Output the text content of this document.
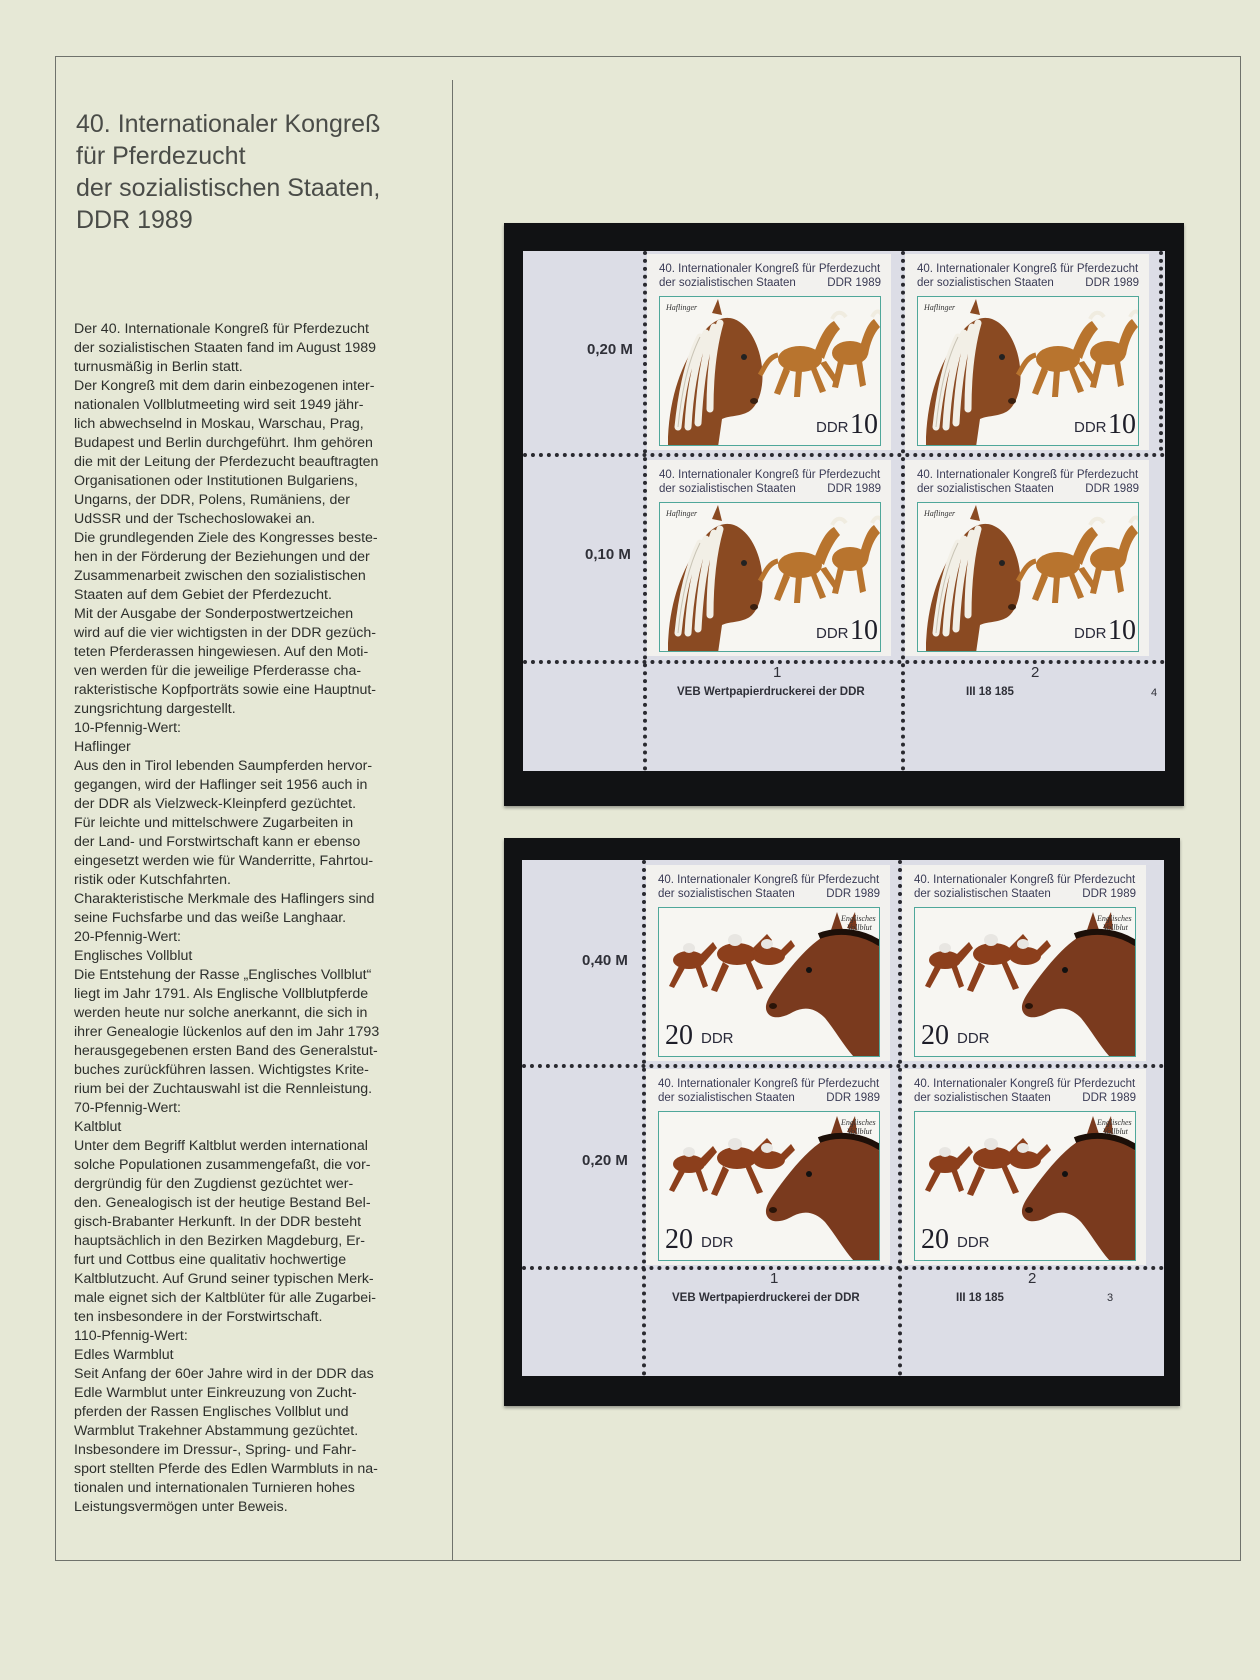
40. Internationaler Kongreß
für Pferdezucht
der sozialistischen Staaten,
DDR 1989
Der 40. Internationale Kongreß für Pferdezucht
der sozialistischen Staaten fand im August 1989
turnusmäßig in Berlin statt.
Der Kongreß mit dem darin einbezogenen inter-
nationalen Vollblutmeeting wird seit 1949 jähr-
lich abwechselnd in Moskau, Warschau, Prag,
Budapest und Berlin durchgeführt. Ihm gehören
die mit der Leitung der Pferdezucht beauftragten
Organisationen oder Institutionen Bulgariens,
Ungarns, der DDR, Polens, Rumäniens, der
UdSSR und der Tschechoslowakei an.
Die grundlegenden Ziele des Kongresses beste-
hen in der Förderung der Beziehungen und der
Zusammenarbeit zwischen den sozialistischen
Staaten auf dem Gebiet der Pferdezucht.
Mit der Ausgabe der Sonderpostwertzeichen
wird auf die vier wichtigsten in der DDR gezüch-
teten Pferderassen hingewiesen. Auf den Moti-
ven werden für die jeweilige Pferderasse cha-
rakteristische Kopfporträts sowie eine Hauptnut-
zungsrichtung dargestellt.
10-Pfennig-Wert:
Haflinger
Aus den in Tirol lebenden Saumpferden hervor-
gegangen, wird der Haflinger seit 1956 auch in
der DDR als Vielzweck-Kleinpferd gezüchtet.
Für leichte und mittelschwere Zugarbeiten in
der Land- und Forstwirtschaft kann er ebenso
eingesetzt werden wie für Wanderritte, Fahrtou-
ristik oder Kutschfahrten.
Charakteristische Merkmale des Haflingers sind
seine Fuchsfarbe und das weiße Langhaar.
20-Pfennig-Wert:
Englisches Vollblut
Die Entstehung der Rasse „Englisches Vollblut“
liegt im Jahr 1791. Als Englische Vollblutpferde
werden heute nur solche anerkannt, die sich in
ihrer Genealogie lückenlos auf den im Jahr 1793
herausgegebenen ersten Band des Generalstut-
buches zurückführen lassen. Wichtigstes Krite-
rium bei der Zuchtauswahl ist die Rennleistung.
70-Pfennig-Wert:
Kaltblut
Unter dem Begriff Kaltblut werden international
solche Populationen zusammengefaßt, die vor-
dergründig für den Zugdienst gezüchtet wer-
den. Genealogisch ist der heutige Bestand Bel-
gisch-Brabanter Herkunft. In der DDR besteht
hauptsächlich in den Bezirken Magdeburg, Er-
furt und Cottbus eine qualitativ hochwertige
Kaltblutzucht. Auf Grund seiner typischen Merk-
male eignet sich der Kaltblüter für alle Zugarbei-
ten insbesondere in der Forstwirtschaft.
110-Pfennig-Wert:
Edles Warmblut
Seit Anfang der 60er Jahre wird in der DDR das
Edle Warmblut unter Einkreuzung von Zucht-
pferden der Rassen Englisches Vollblut und
Warmblut Trakehner Abstammung gezüchtet.
Insbesondere im Dressur-, Spring- und Fahr-
sport stellten Pferde des Edlen Warmbluts in na-
tionalen und internationalen Turnieren hohes
Leistungsvermögen unter Beweis.
0,20 M
0,10 M
1	2
VEB Wertpapierdruckerei der DDR	III 18 185	4
40. Internationaler Kongreß für Pferdezucht
der sozialistischen Staaten	DDR 1989
Haflinger
DDR 10
40. Internationaler Kongreß für Pferdezucht
der sozialistischen Staaten	DDR 1989
Haflinger
DDR 10
40. Internationaler Kongreß für Pferdezucht
der sozialistischen Staaten	DDR 1989
Haflinger
DDR 10
40. Internationaler Kongreß für Pferdezucht
der sozialistischen Staaten	DDR 1989
Haflinger
DDR 10
0,40 M
0,20 M
1	2
VEB Wertpapierdruckerei der DDR	III 18 185	3
40. Internationaler Kongreß für Pferdezucht
der sozialistischen Staaten	DDR 1989
Englisches
Vollblut
20 DDR
40. Internationaler Kongreß für Pferdezucht
der sozialistischen Staaten	DDR 1989
Englisches
Vollblut
20 DDR
40. Internationaler Kongreß für Pferdezucht
der sozialistischen Staaten	DDR 1989
Englisches
Vollblut
20 DDR
40. Internationaler Kongreß für Pferdezucht
der sozialistischen Staaten	DDR 1989
Englisches
Vollblut
20 DDR
